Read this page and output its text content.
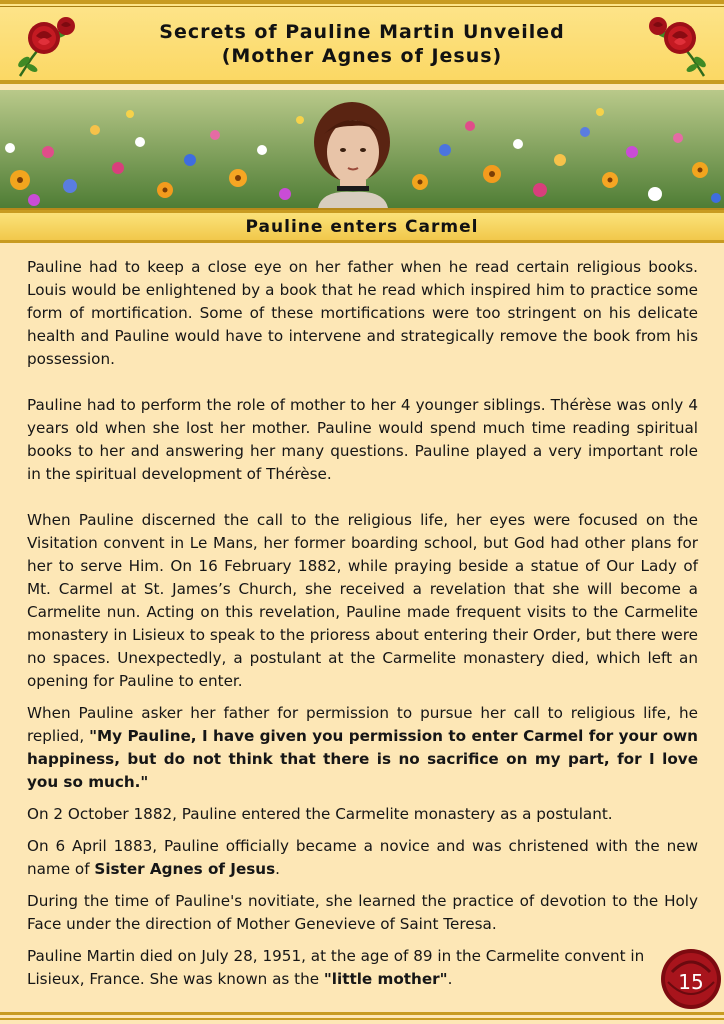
Secrets of Pauline Martin Unveiled
(Mother Agnes of Jesus)
Pauline enters Carmel

Pauline had to keep a close eye on her father when he read certain religious books. Louis would be enlightened by a book that he read which inspired him to practice some form of mortification. Some of these mortifications were too stringent on his delicate health and Pauline would have to intervene and strategically remove the book from his possession.

Pauline had to perform the role of mother to her 4 younger siblings. Thérèse was only 4 years old when she lost her mother. Pauline would spend much time reading spiritual books to her and answering her many questions. Pauline played a very important role in the spiritual development of Thérèse.

When Pauline discerned the call to the religious life, her eyes were focused on the Visitation convent in Le Mans, her former boarding school, but God had other plans for her to serve Him. On 16 February 1882, while praying beside a statue of Our Lady of Mt. Carmel at St. James’s Church, she received a revelation that she will become a Carmelite nun. Acting on this revelation, Pauline made frequent visits to the Carmelite monastery in Lisieux to speak to the prioress about entering their Order, but there were no spaces. Unexpectedly, a postulant at the Carmelite monastery died, which left an opening for Pauline to enter.

When Pauline asker her father for permission to pursue her call to religious life, he replied, "My Pauline, I have given you permission to enter Carmel for your own happiness, but do not think that there is no sacrifice on my part, for I love you so much."

On 2 October 1882, Pauline entered the Carmelite monastery as a postulant.

On 6 April 1883, Pauline officially became a novice and was christened with the new name of Sister Agnes of Jesus.

During the time of Pauline's novitiate, she learned the practice of devotion to the Holy Face under the direction of Mother Genevieve of Saint Teresa.

Pauline Martin died on July 28, 1951, at the age of 89 in the Carmelite convent in Lisieux, France. She was known as the "little mother".	15
